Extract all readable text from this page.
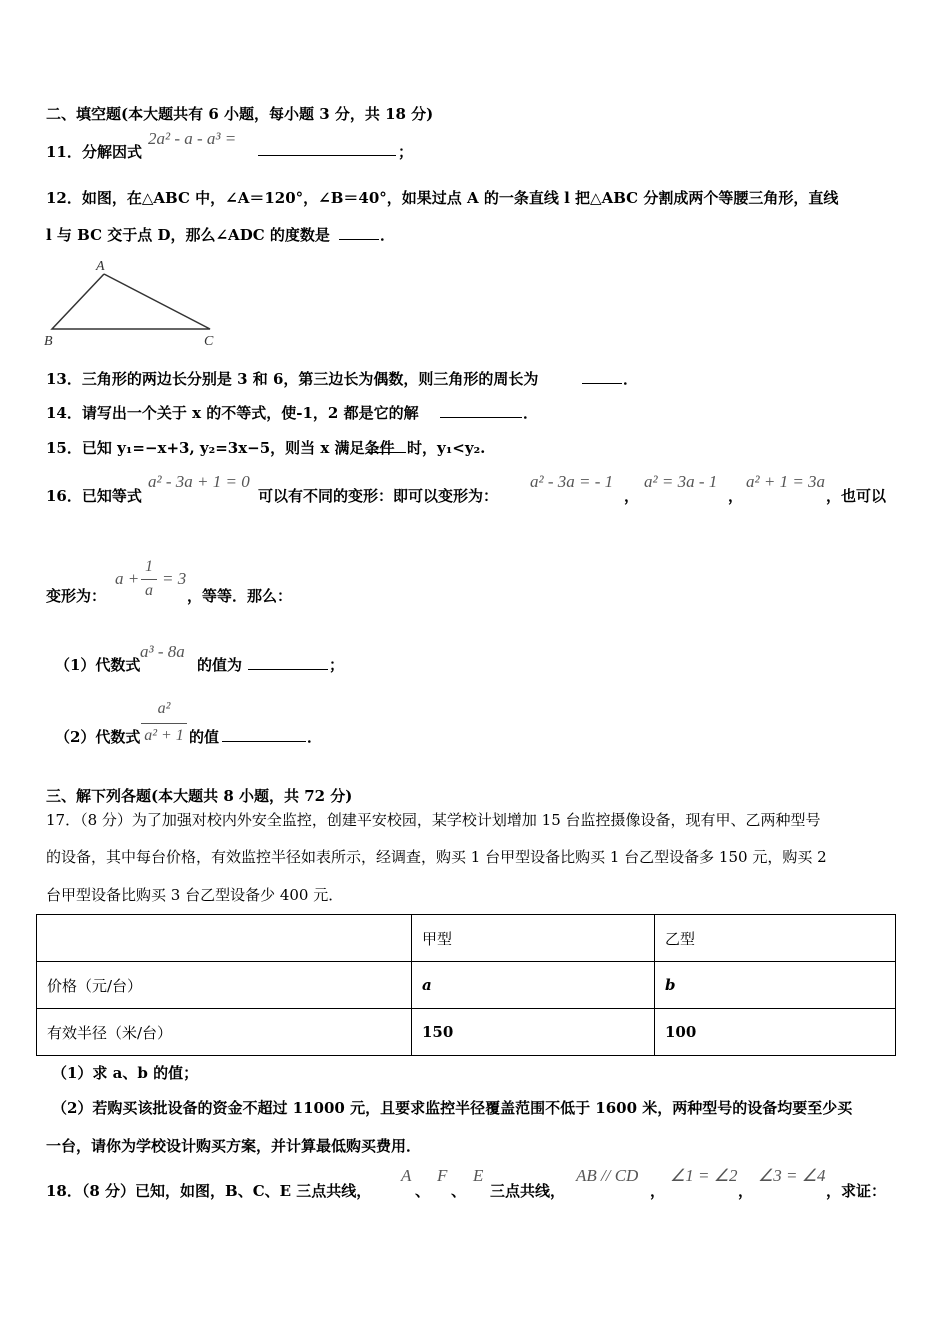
二、填空题(本大题共有 6 小题，每小题 3 分，共 18 分)
11． 分解因式
2a² - a - a³ =
；
12．如图，在△ABC 中，∠A＝120°，∠B＝40°，如果过点 A 的一条直线 l 把△ABC 分割成两个等腰三角形，直线
l 与 BC 交于点 D，那么∠ADC 的度数是	．
A
B	C
13．三角形的两边长分别是 3 和 6，第三边长为偶数，则三角形的周长为	．
14．请写出一个关于 x 的不等式，使-1，2 都是它的解	．
15．已知 y₁=−x+3, y₂=3x−5，则当 x 满足条件 时，y₁<y₂.
16．已知等式
a² - 3a + 1 = 0
可以有不同的变形：即可以变形为：
a² - 3a = - 1
，
a² = 3a - 1
，
a² + 1 = 3a
，也可以
变形为：
a +
1
a
= 3
，等等．那么：
（1）代数式
a³ - 8a
的值为	；
（2）代数式
a²
a² + 1 的值	．
三、解下列各题(本大题共 8 小题，共 72 分)
17．（8 分）为了加强对校内外安全监控，创建平安校园，某学校计划增加 15 台监控摄像设备，现有甲、乙两种型号
的设备，其中每台价格，有效监控半径如表所示，经调查，购买 1 台甲型设备比购买 1 台乙型设备多 150 元，购买 2
台甲型设备比购买 3 台乙型设备少 400 元．
	甲型	乙型
价格（元/台）	a	b
有效半径（米/台）	150	100
（1）求 a、b 的值；
（2）若购买该批设备的资金不超过 11000 元，且要求监控半径覆盖范围不低于 1600 米，两种型号的设备均要至少买
一台，请你为学校设计购买方案，并计算最低购买费用．
18．（8 分）已知，如图，B、C、E 三点共线，
A
、
F
、
E
三点共线，
AB // CD
，
∠1 = ∠2
，
∠3 = ∠4
，求证：
